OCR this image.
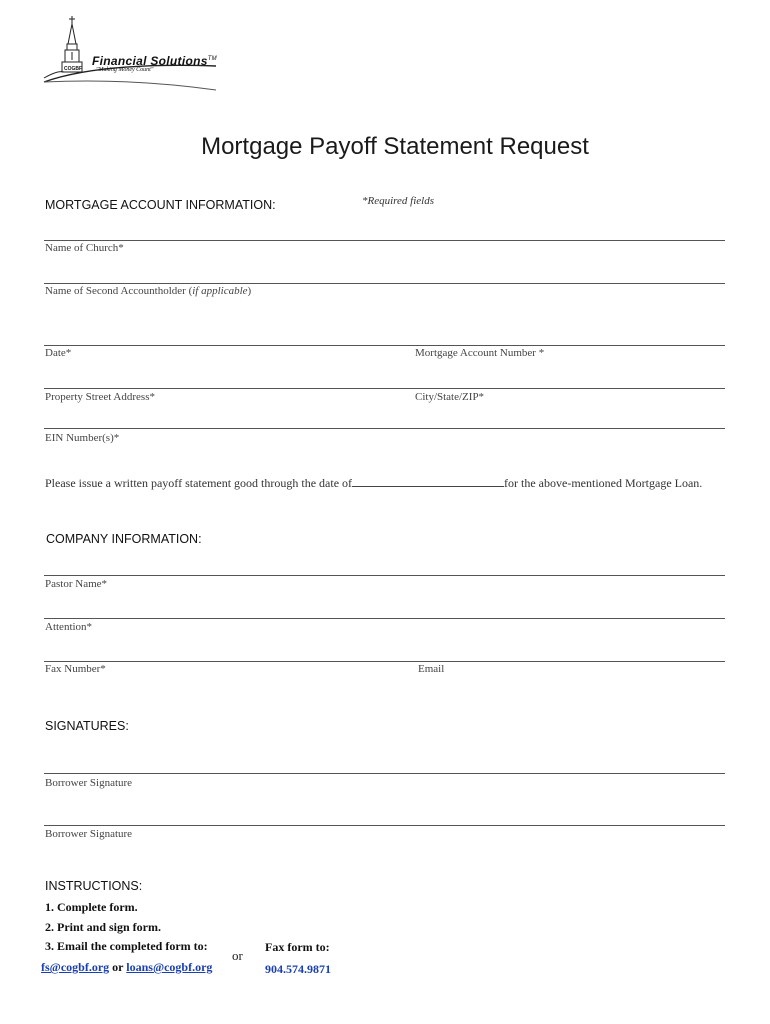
Financial Solutions™
"Making Money Count"
COGBF
Mortgage Payoff Statement Request
MORTGAGE ACCOUNT INFORMATION:	*Required fields
Name of Church*
Name of Second Accountholder (if applicable)
Date*	Mortgage Account Number *
Property Street Address*	City/State/ZIP*
EIN Number(s)*
Please issue a written payoff statement good through the date of	for the above-mentioned Mortgage Loan.
COMPANY INFORMATION:
Pastor Name*
Attention*
Fax Number*	Email
SIGNATURES:
Borrower Signature
Borrower Signature
INSTRUCTIONS:
1. Complete form.
2. Print and sign form.
3. Email the completed form to:
fs@cogbf.org or loans@cogbf.org
or
Fax form to:
904.574.9871
